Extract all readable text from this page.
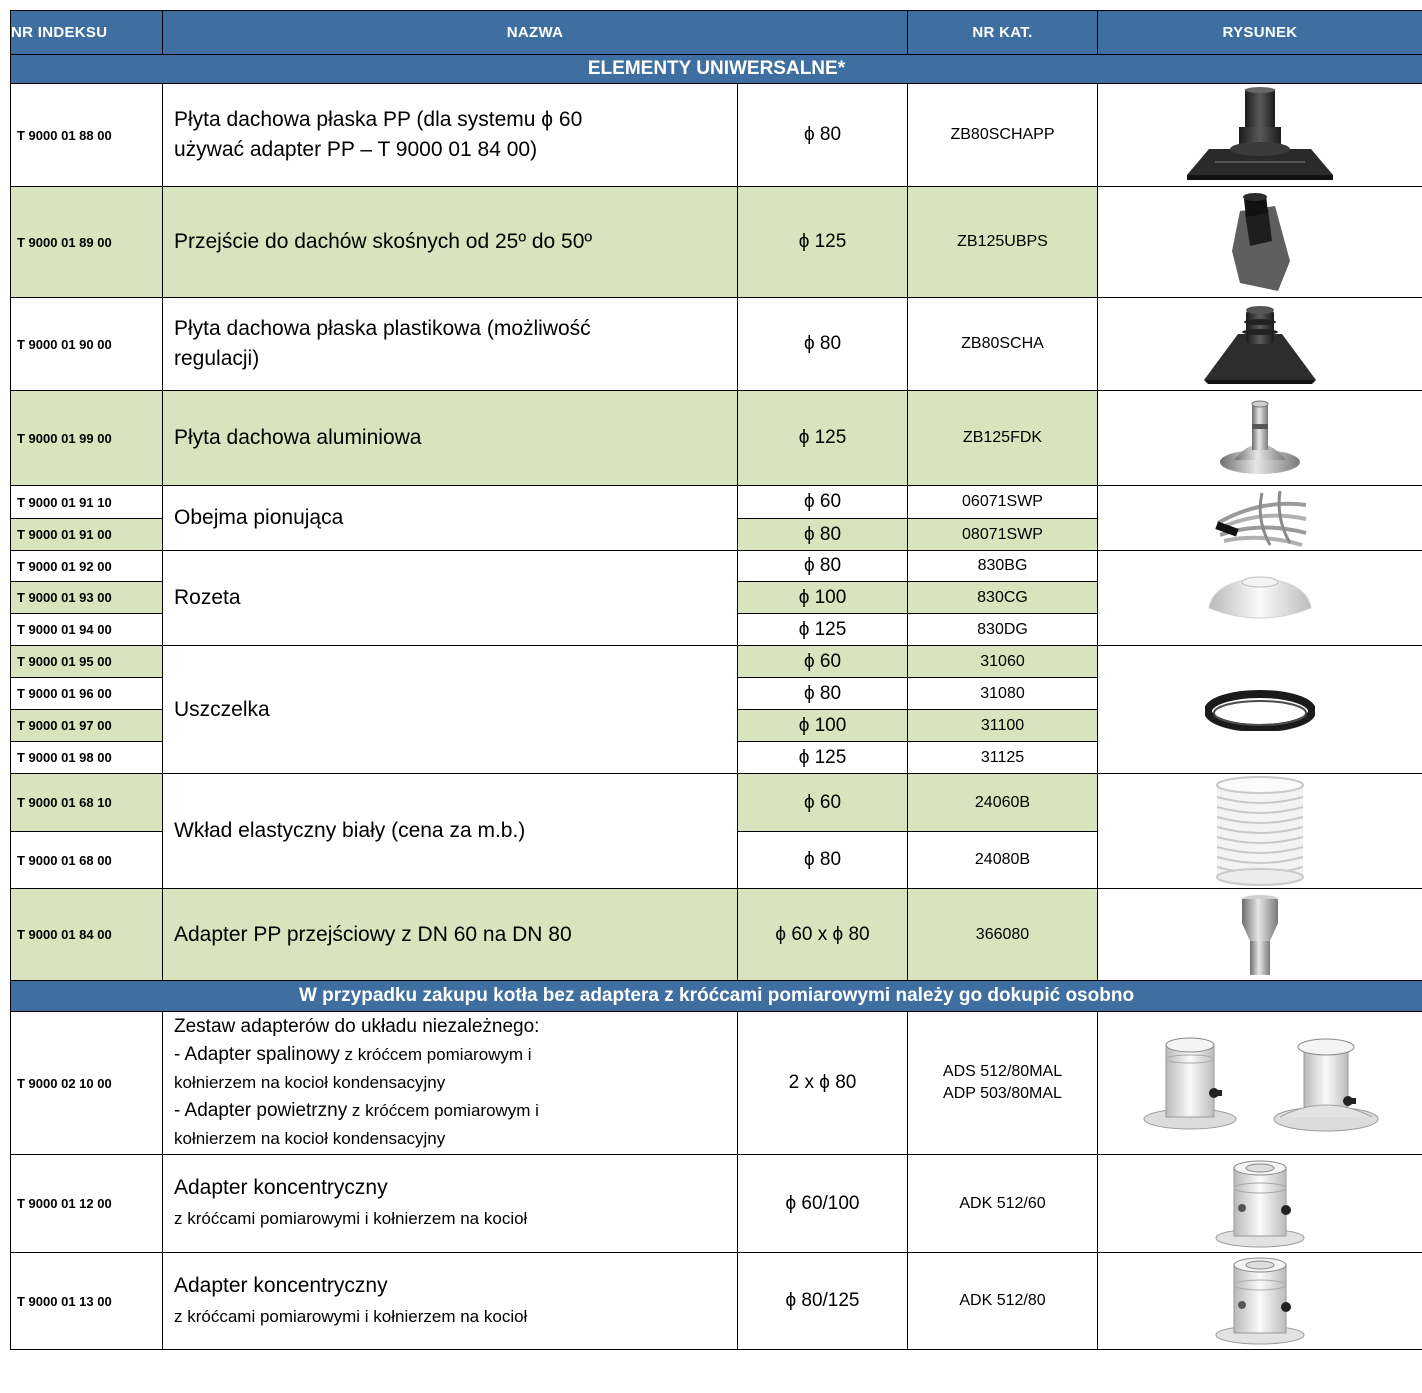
NR INDEKSU	NAZWA		NR KAT.	RYSUNEK
ELEMENTY UNIWERSALNE*				
T 9000 01 88 00	Płyta dachowa płaska PP (dla systemu ϕ 60
używać adapter PP – T 9000 01 84 00)	ϕ 80	ZB80SCHAPP	

T 9000 01 89 00	Przejście do dachów skośnych od 25º do 50º	ϕ 125	ZB125UBPS	

T 9000 01 90 00	Płyta dachowa płaska plastikowa (możliwość
regulacji)	ϕ 80	ZB80SCHA	

T 9000 01 99 00	Płyta dachowa aluminiowa	ϕ 125	ZB125FDK	

T 9000 01 91 10	Obejma pionująca	ϕ 60	06071SWP	

T 9000 01 91 00		ϕ 80	08071SWP	
T 9000 01 92 00	Rozeta	ϕ 80	830BG	

T 9000 01 93 00		ϕ 100	830CG	
T 9000 01 94 00		ϕ 125	830DG	
T 9000 01 95 00	Uszczelka	ϕ 60	31060	

T 9000 01 96 00		ϕ 80	31080	
T 9000 01 97 00		ϕ 100	31100	
T 9000 01 98 00		ϕ 125	31125	
T 9000 01 68 10	Wkład elastyczny biały (cena za m.b.)	ϕ 60	24060B	

T 9000 01 68 00		ϕ 80	24080B	
T 9000 01 84 00	Adapter PP przejściowy z DN 60 na DN 80	ϕ 60 x ϕ 80	366080	

W przypadku zakupu kotła bez adaptera z króćcami pomiarowymi należy go dokupić osobno				
T 9000 02 10 00	Zestaw adapterów do układu niezależnego:
- Adapter spalinowy z króćcem pomiarowym i
kołnierzem na kocioł kondensacyjny
- Adapter powietrzny z króćcem pomiarowym i
kołnierzem na kocioł kondensacyjny	2 x ϕ 80	ADS 512/80MAL
ADP 503/80MAL	

T 9000 01 12 00	Adapter koncentryczny
z króćcami pomiarowymi i kołnierzem na kocioł	ϕ 60/100	ADK 512/60	

T 9000 01 13 00	Adapter koncentryczny
z króćcami pomiarowymi i kołnierzem na kocioł	ϕ 80/125	ADK 512/80	
